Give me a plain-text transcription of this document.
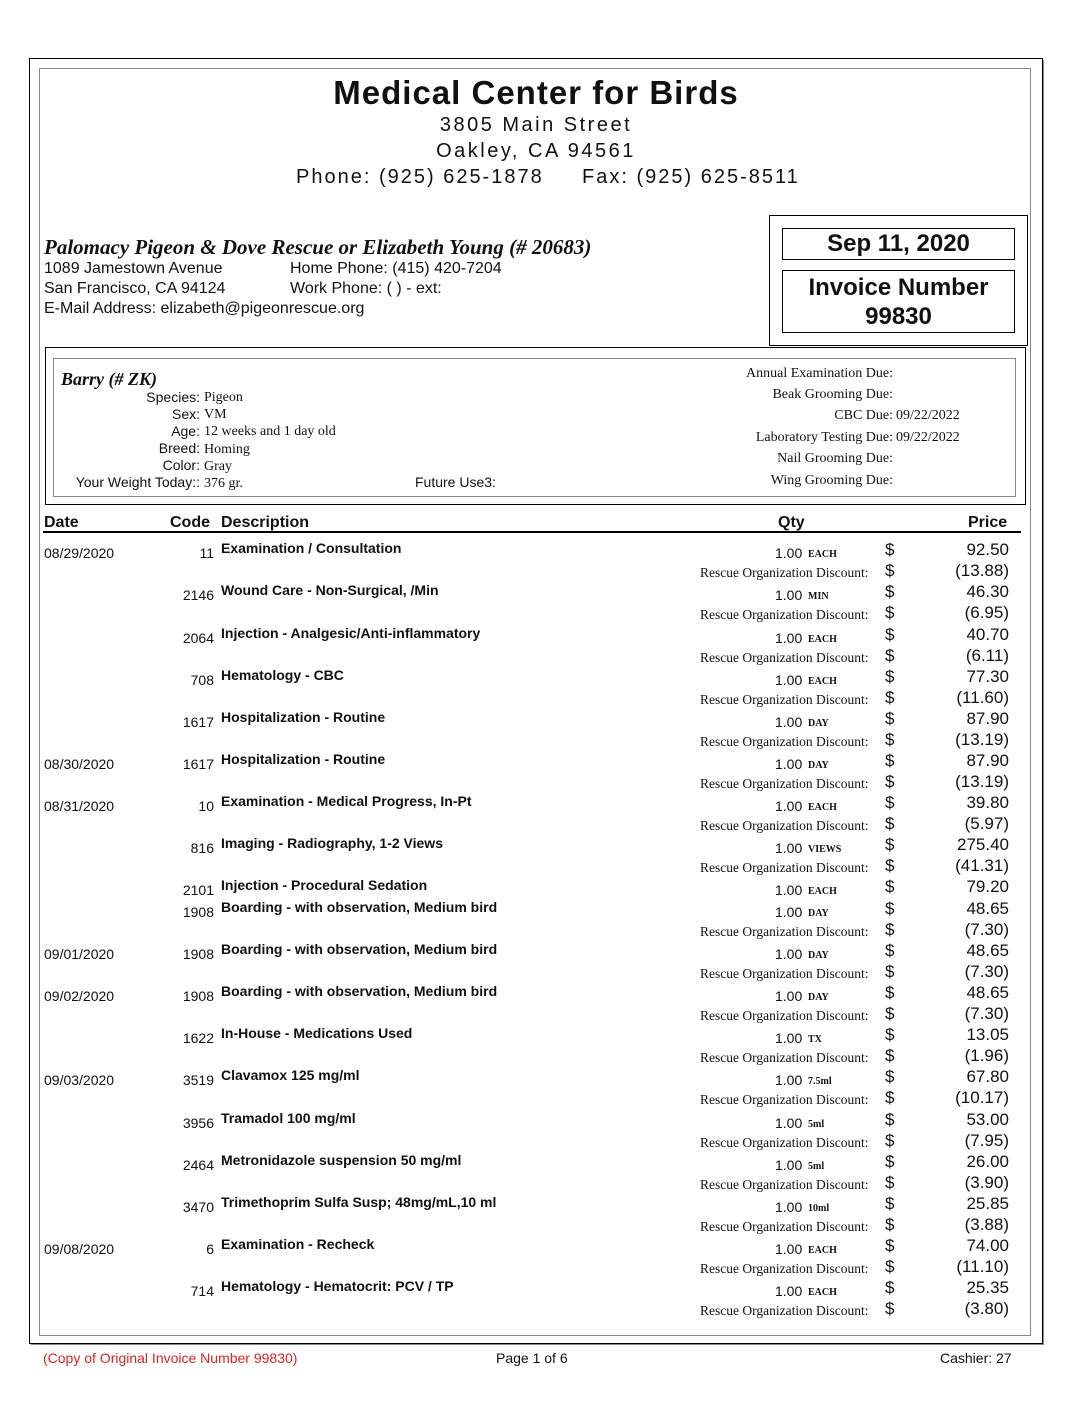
Medical Center for Birds
3805 Main Street
Oakley, CA 94561
Phone: (925) 625-1878 Fax: (925) 625-8511
Palomacy Pigeon & Dove Rescue or Elizabeth Young (# 20683)
1089 Jamestown Avenue
San Francisco, CA 94124
E-Mail Address: elizabeth@pigeonrescue.org
Home Phone: (415) 420-7204
Work Phone: ( ) - ext:
Sep 11, 2020
Invoice Number
99830
Barry (# ZK)
Species: Pigeon
Sex: VM
Age: 12 weeks and 1 day old
Breed: Homing
Color: Gray
Your Weight Today:: 376 gr.	Future Use3:
Annual Examination Due:
Beak Grooming Due:
CBC Due: 09/22/2022
Laboratory Testing Due: 09/22/2022
Nail Grooming Due:
Wing Grooming Due:
Date	Code Description	Qty	Price
08/29/2020	11 Examination / Consultation	1.00 EACH	$	92.50
Rescue Organization Discount: $	(13.88)
2146 Wound Care - Non-Surgical, /Min	1.00 MIN	$	46.30
Rescue Organization Discount: $	(6.95)
2064 Injection - Analgesic/Anti-inflammatory	1.00 EACH	$	40.70
Rescue Organization Discount: $	(6.11)
708 Hematology - CBC	1.00 EACH	$	77.30
Rescue Organization Discount: $	(11.60)
1617 Hospitalization - Routine	1.00 DAY	$	87.90
Rescue Organization Discount: $	(13.19)
08/30/2020	1617 Hospitalization - Routine	1.00 DAY	$	87.90
Rescue Organization Discount: $	(13.19)
08/31/2020	10 Examination - Medical Progress, In-Pt	1.00 EACH	$	39.80
Rescue Organization Discount: $	(5.97)
816 Imaging - Radiography, 1-2 Views	1.00 VIEWS	$	275.40
Rescue Organization Discount: $	(41.31)
2101 Injection - Procedural Sedation	1.00 EACH	$	79.20
1908 Boarding - with observation, Medium bird	1.00 DAY	$	48.65
Rescue Organization Discount: $	(7.30)
09/01/2020	1908 Boarding - with observation, Medium bird	1.00 DAY	$	48.65
Rescue Organization Discount: $	(7.30)
09/02/2020	1908 Boarding - with observation, Medium bird	1.00 DAY	$	48.65
Rescue Organization Discount: $	(7.30)
1622 In-House - Medications Used	1.00 TX	$	13.05
Rescue Organization Discount: $	(1.96)
09/03/2020	3519 Clavamox 125 mg/ml	1.00 7.5ml	$	67.80
Rescue Organization Discount: $	(10.17)
3956 Tramadol 100 mg/ml	1.00 5ml	$	53.00
Rescue Organization Discount: $	(7.95)
2464 Metronidazole suspension 50 mg/ml	1.00 5ml	$	26.00
Rescue Organization Discount: $	(3.90)
3470 Trimethoprim Sulfa Susp; 48mg/mL,10 ml	1.00 10ml	$	25.85
Rescue Organization Discount: $	(3.88)
09/08/2020	6 Examination - Recheck	1.00 EACH	$	74.00
Rescue Organization Discount: $	(11.10)
714 Hematology - Hematocrit: PCV / TP	1.00 EACH	$	25.35
Rescue Organization Discount: $	(3.80)
(Copy of Original Invoice Number 99830)	Page 1 of 6	Cashier: 27
